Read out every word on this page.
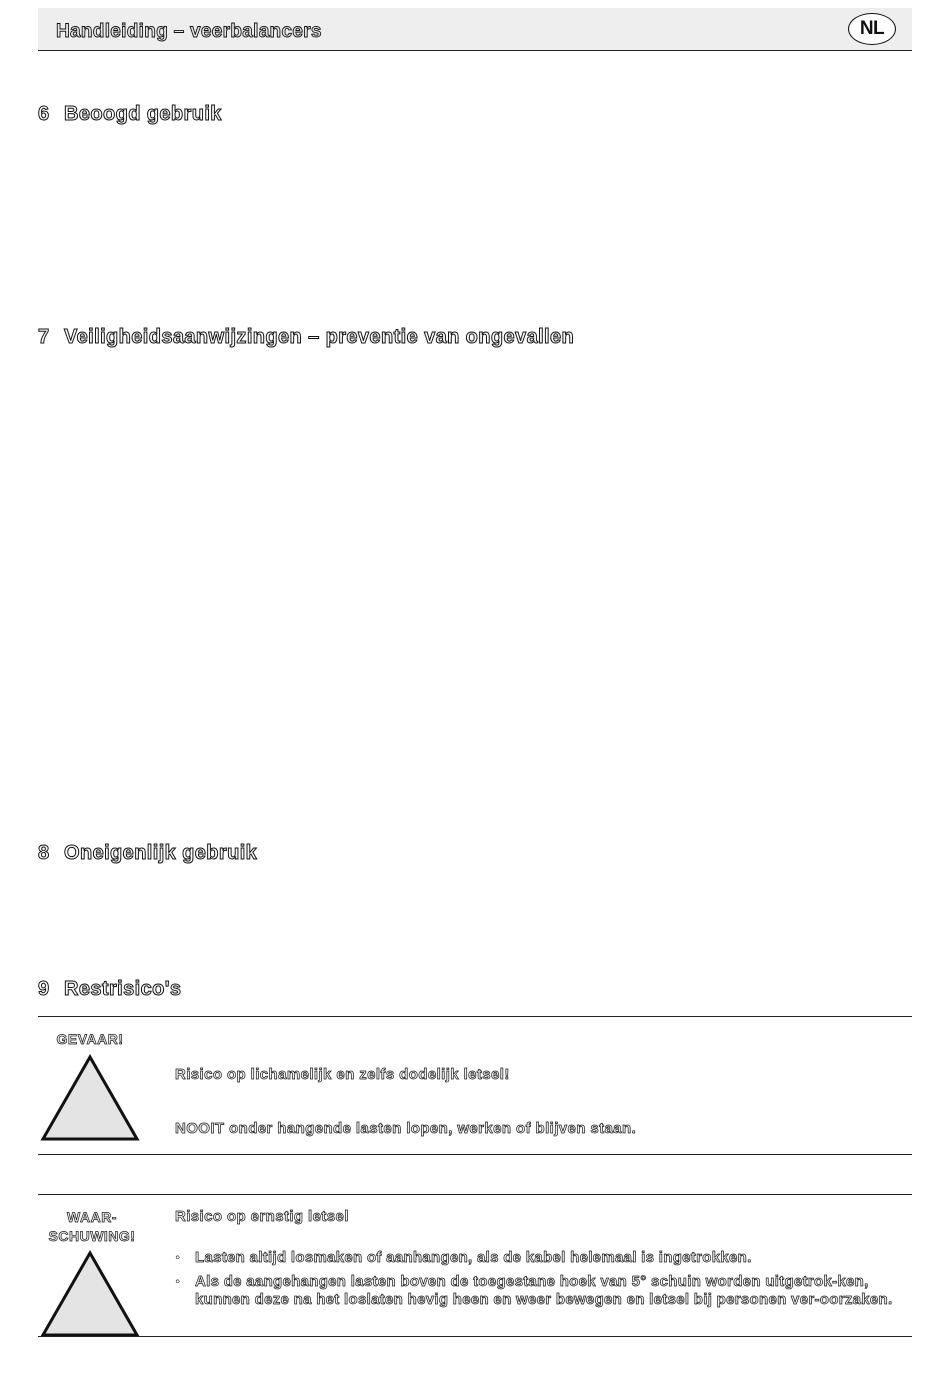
Handleiding – veerbalancers	NL
6 Beoogd gebruik
7 Veiligheidsaanwijzingen – preventie van ongevallen
8 Oneigenlijk gebruik
9 Restrisico's
GEVAAR!
Risico op lichamelijk en zelfs dodelijk letsel!
NOOIT onder hangende lasten lopen, werken of blijven staan.
WAAR-
SCHUWING!
Risico op ernstig letsel
◦ Lasten altijd losmaken of aanhangen, als de kabel helemaal is ingetrokken.
◦ Als de aangehangen lasten boven de toegestane hoek van 5° schuin worden uitgetrok-ken, kunnen deze na het loslaten hevig heen en weer bewegen en letsel bij personen ver-oorzaken.
